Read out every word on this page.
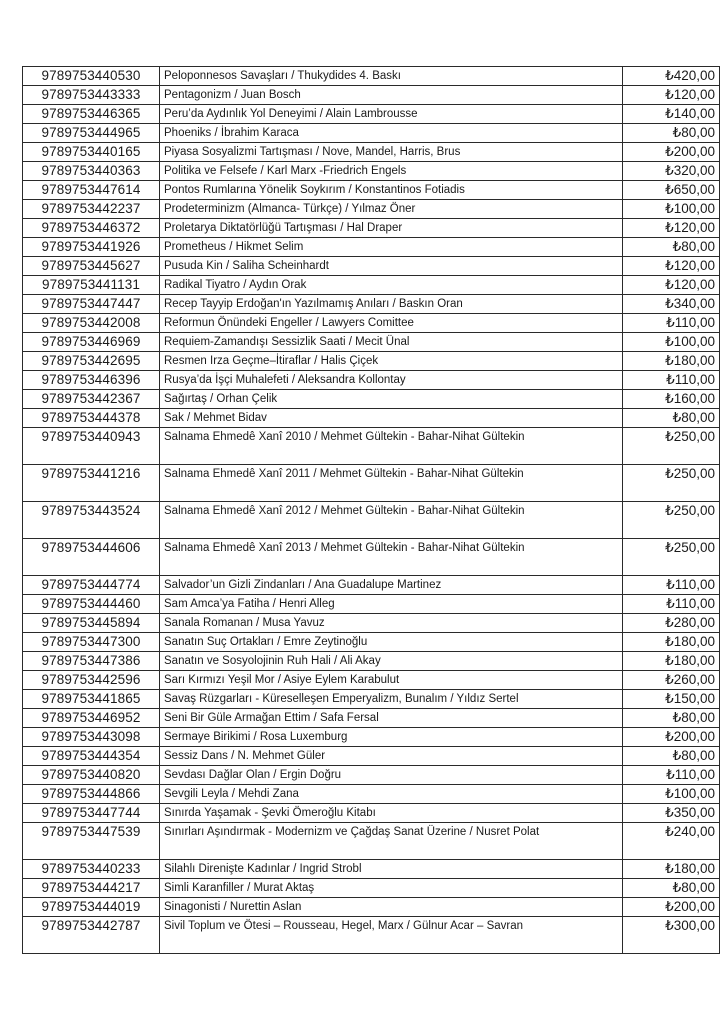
9789753440530	Peloponnesos Savaşları / Thukydides 4. Baskı	₺420,00
9789753443333	Pentagonizm / Juan Bosch	₺120,00
9789753446365	Peru’da Aydınlık Yol Deneyimi / Alain Lambrousse	₺140,00
9789753444965	Phoeniks / İbrahim Karaca	₺80,00
9789753440165	Piyasa Sosyalizmi Tartışması / Nove, Mandel, Harris, Brus	₺200,00
9789753440363	Politika ve Felsefe / Karl Marx -Friedrich Engels	₺320,00
9789753447614	Pontos Rumlarına Yönelik Soykırım / Konstantinos Fotiadis	₺650,00
9789753442237	Prodeterminizm (Almanca- Türkçe) / Yılmaz Öner	₺100,00
9789753446372	Proletarya Diktatörlüğü Tartışması / Hal Draper	₺120,00
9789753441926	Prometheus / Hikmet Selim	₺80,00
9789753445627	Pusuda Kin / Saliha Scheinhardt	₺120,00
9789753441131	Radikal Tiyatro / Aydın Orak	₺120,00
9789753447447	Recep Tayyip Erdoğan'ın Yazılmamış Anıları / Baskın Oran	₺340,00
9789753442008	Reformun Önündeki Engeller / Lawyers Comittee	₺110,00
9789753446969	Requiem-Zamandışı Sessizlik Saati / Mecit Ünal	₺100,00
9789753442695	Resmen Irza Geçme–İtiraflar / Halis Çiçek	₺180,00
9789753446396	Rusya’da İşçi Muhalefeti / Aleksandra Kollontay	₺110,00
9789753442367	Sağırtaş / Orhan Çelik	₺160,00
9789753444378	Sak / Mehmet Bidav	₺80,00
9789753440943	Salnama Ehmedê Xanî 2010 / Mehmet Gültekin - Bahar-Nihat Gültekin	₺250,00
9789753441216	Salnama Ehmedê Xanî 2011 / Mehmet Gültekin - Bahar-Nihat Gültekin	₺250,00
9789753443524	Salnama Ehmedê Xanî 2012 / Mehmet Gültekin - Bahar-Nihat Gültekin	₺250,00
9789753444606	Salnama Ehmedê Xanî 2013 / Mehmet Gültekin - Bahar-Nihat Gültekin	₺250,00
9789753444774	Salvador’un Gizli Zindanları / Ana Guadalupe Martinez	₺110,00
9789753444460	Sam Amca’ya Fatiha / Henri Alleg	₺110,00
9789753445894	Sanala Romanan / Musa Yavuz	₺280,00
9789753447300	Sanatın Suç Ortakları / Emre Zeytinoğlu	₺180,00
9789753447386	Sanatın ve Sosyolojinin Ruh Hali / Ali Akay	₺180,00
9789753442596	Sarı Kırmızı Yeşil Mor / Asiye Eylem Karabulut	₺260,00
9789753441865	Savaş Rüzgarları - Küreselleşen Emperyalizm, Bunalım / Yıldız Sertel	₺150,00
9789753446952	Seni Bir Güle Armağan Ettim / Safa Fersal	₺80,00
9789753443098	Sermaye Birikimi / Rosa Luxemburg	₺200,00
9789753444354	Sessiz Dans / N. Mehmet Güler	₺80,00
9789753440820	Sevdası Dağlar Olan / Ergin Doğru	₺110,00
9789753444866	Sevgili Leyla / Mehdi Zana	₺100,00
9789753447744	Sınırda Yaşamak - Şevki Ömeroğlu Kitabı	₺350,00
9789753447539	Sınırları Aşındırmak - Modernizm ve Çağdaş Sanat Üzerine / Nusret Polat	₺240,00
9789753440233	Silahlı Direnişte Kadınlar / Ingrid Strobl	₺180,00
9789753444217	Simli Karanfiller / Murat Aktaş	₺80,00
9789753444019	Sinagonisti / Nurettin Aslan	₺200,00
9789753442787	Sivil Toplum ve Ötesi – Rousseau, Hegel, Marx / Gülnur Acar – Savran	₺300,00
